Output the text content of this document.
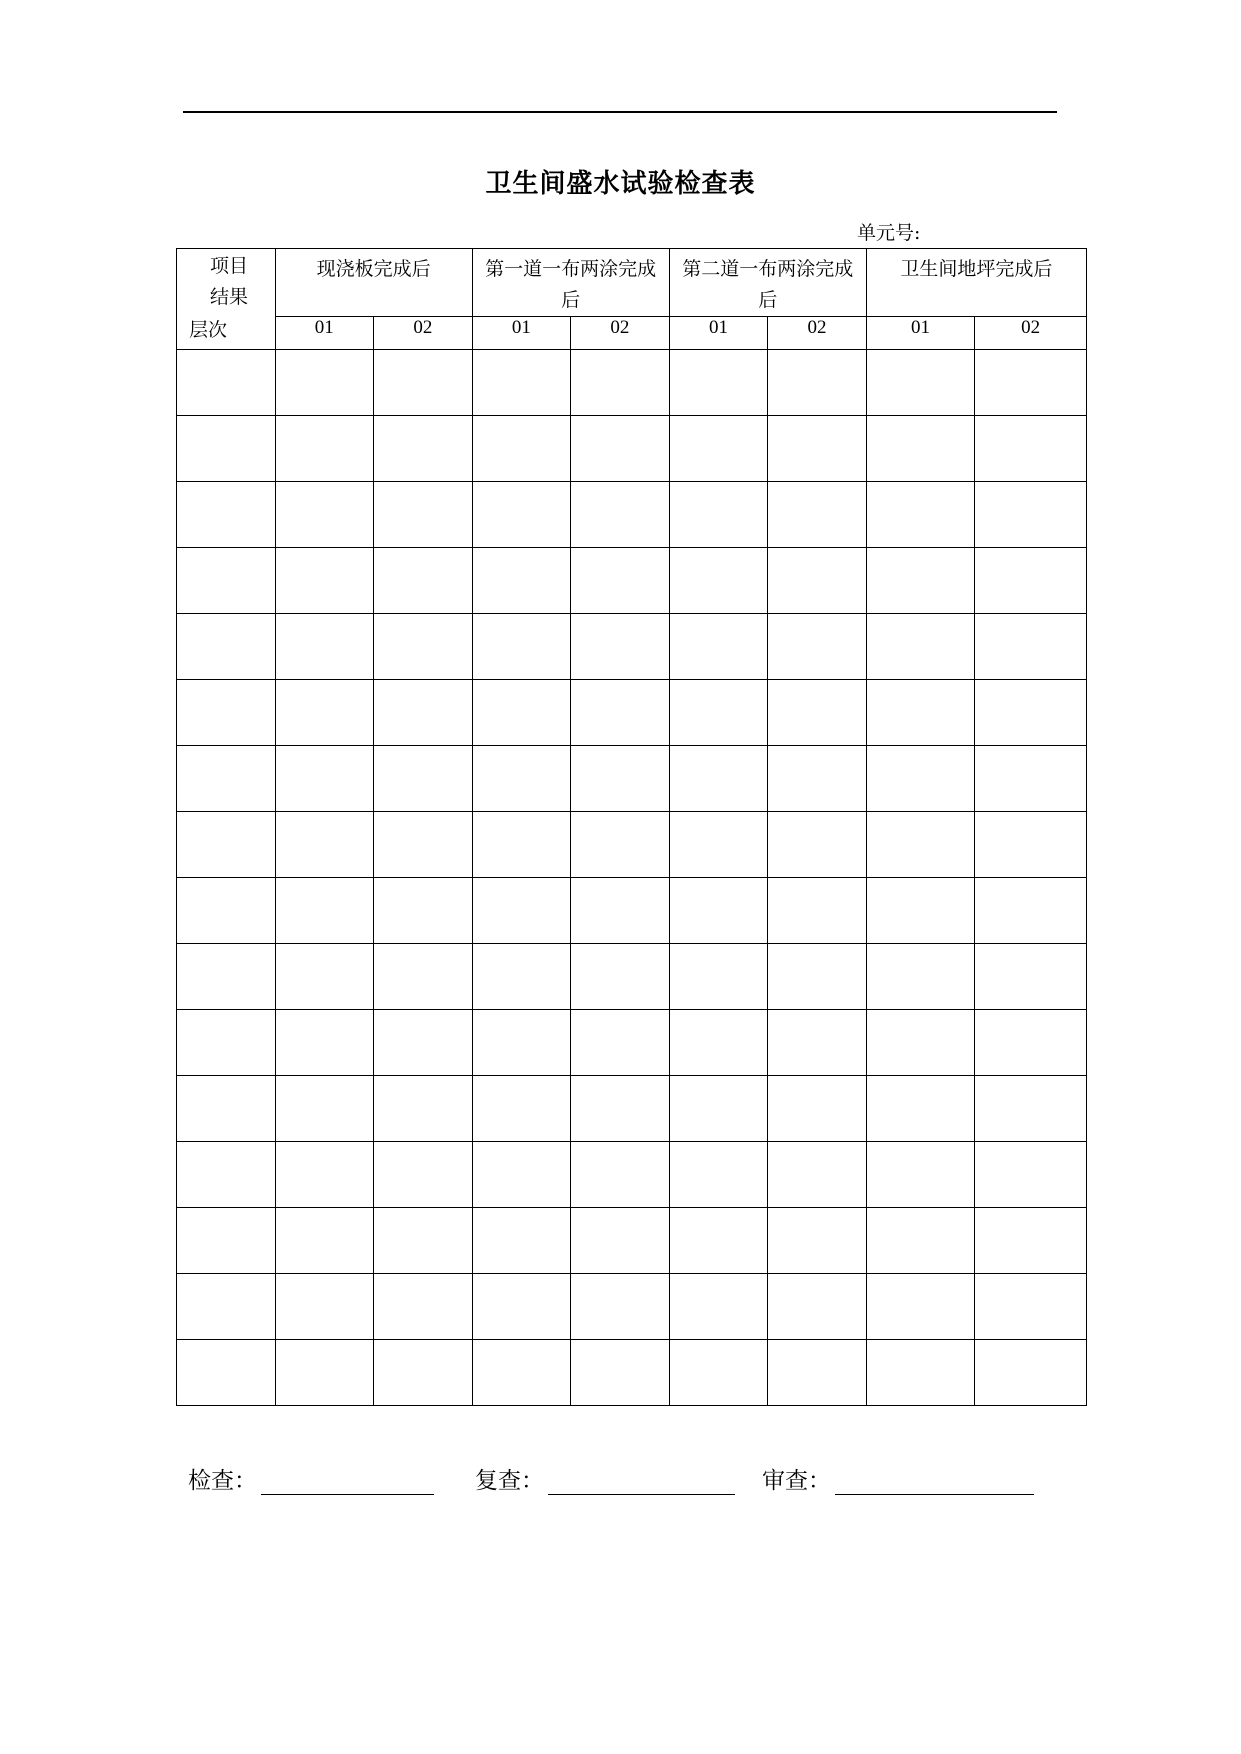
卫生间盛水试验检查表
单元号:
项目
结果
层次	现浇板完成后		第一道一布两涂完成后		第二道一布两涂完成后		卫生间地坪完成后	

	01	02	01	02	01	02	01	02

检查：	复查：	审查：
